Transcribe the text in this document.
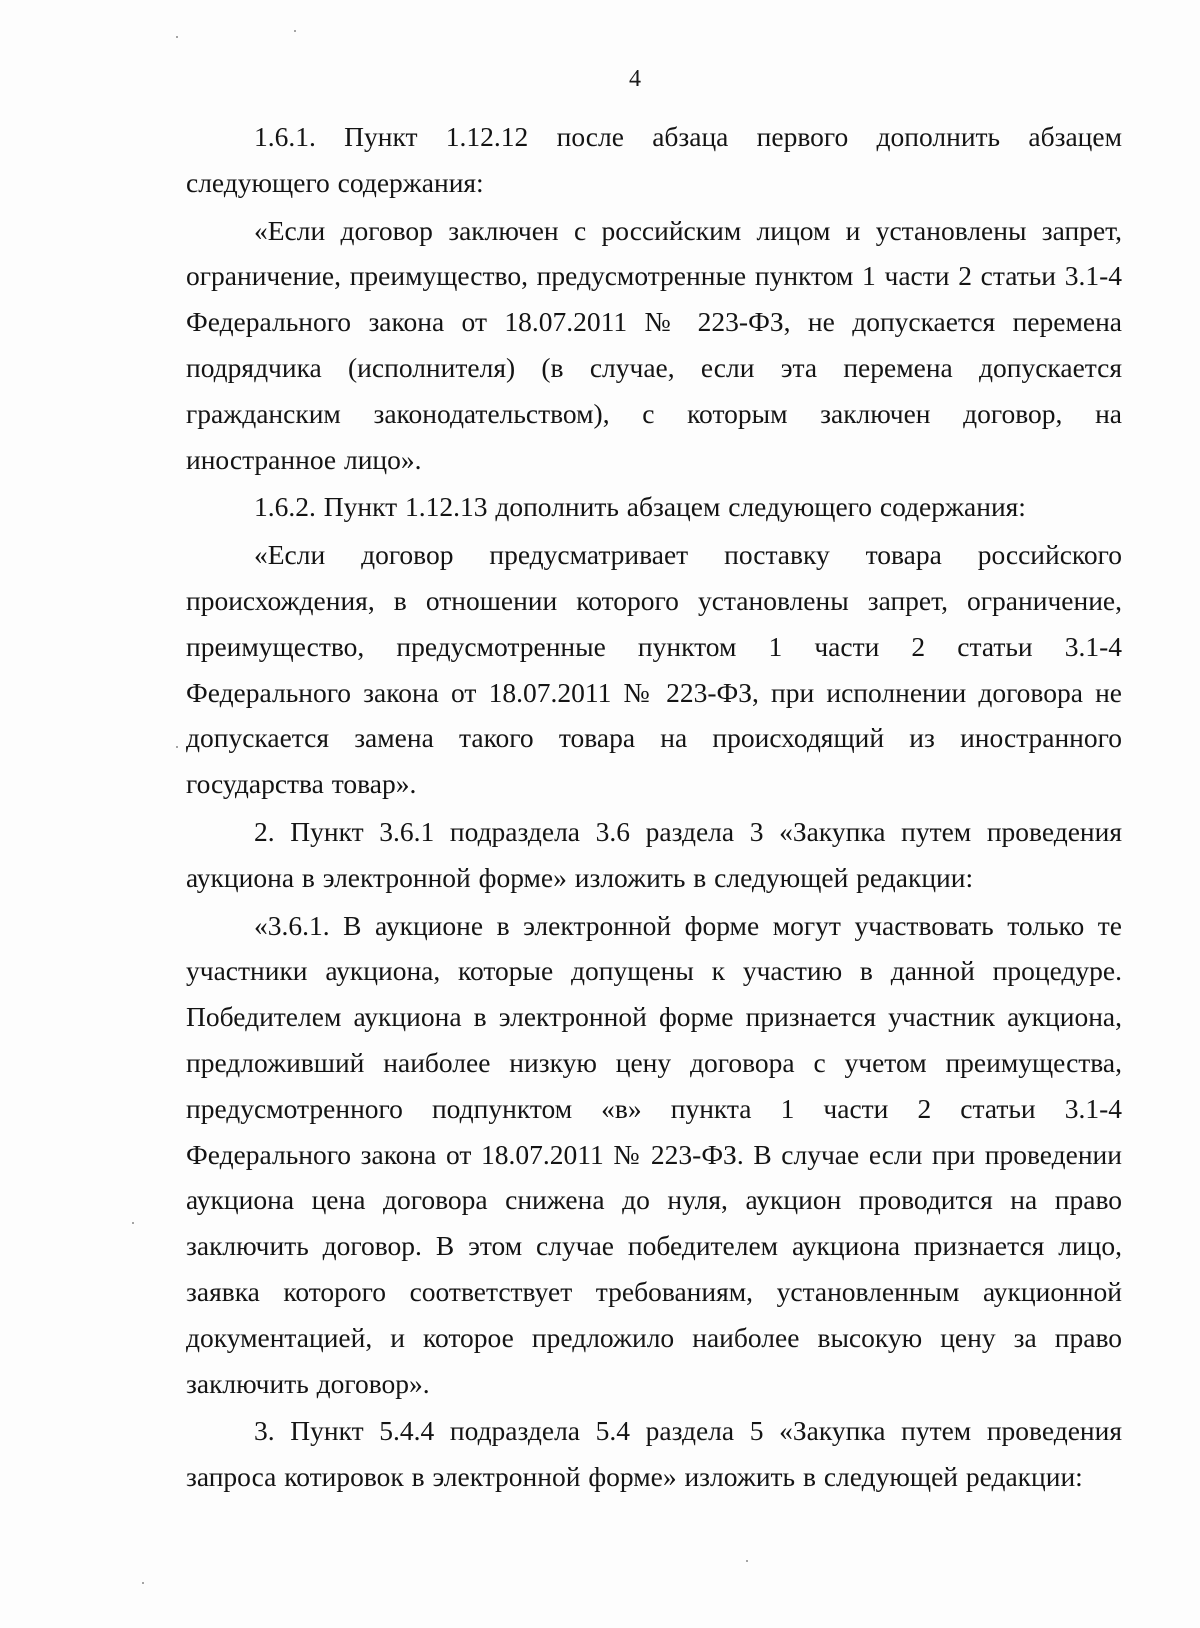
4

1.6.1. Пункт 1.12.12 после абзаца первого дополнить абзацем следующего содержания:

«Если договор заключен с российским лицом и установлены запрет, ограничение, преимущество, предусмотренные пунктом 1 части 2 статьи 3.1-4 Федерального закона от 18.07.2011 № 223-ФЗ, не допускается перемена подрядчика (исполнителя) (в случае, если эта перемена допускается гражданским законодательством), с которым заключен договор, на иностранное лицо».

1.6.2. Пункт 1.12.13 дополнить абзацем следующего содержания:

«Если договор предусматривает поставку товара российского происхождения, в отношении которого установлены запрет, ограничение, преимущество, предусмотренные пунктом 1 части 2 статьи 3.1-4 Федерального закона от 18.07.2011 № 223-ФЗ, при исполнении договора не допускается замена такого товара на происходящий из иностранного государства товар».

2. Пункт 3.6.1 подраздела 3.6 раздела 3 «Закупка путем проведения аукциона в электронной форме» изложить в следующей редакции:

«3.6.1. В аукционе в электронной форме могут участвовать только те участники аукциона, которые допущены к участию в данной процедуре. Победителем аукциона в электронной форме признается участник аукциона, предложивший наиболее низкую цену договора с учетом преимущества, предусмотренного подпунктом «в» пункта 1 части 2 статьи 3.1-4 Федерального закона от 18.07.2011 № 223-ФЗ. В случае если при проведении аукциона цена договора снижена до нуля, аукцион проводится на право заключить договор. В этом случае победителем аукциона признается лицо, заявка которого соответствует требованиям, установленным аукционной документацией, и которое предложило наиболее высокую цену за право заключить договор».

3. Пункт 5.4.4 подраздела 5.4 раздела 5 «Закупка путем проведения запроса котировок в электронной форме» изложить в следующей редакции:
